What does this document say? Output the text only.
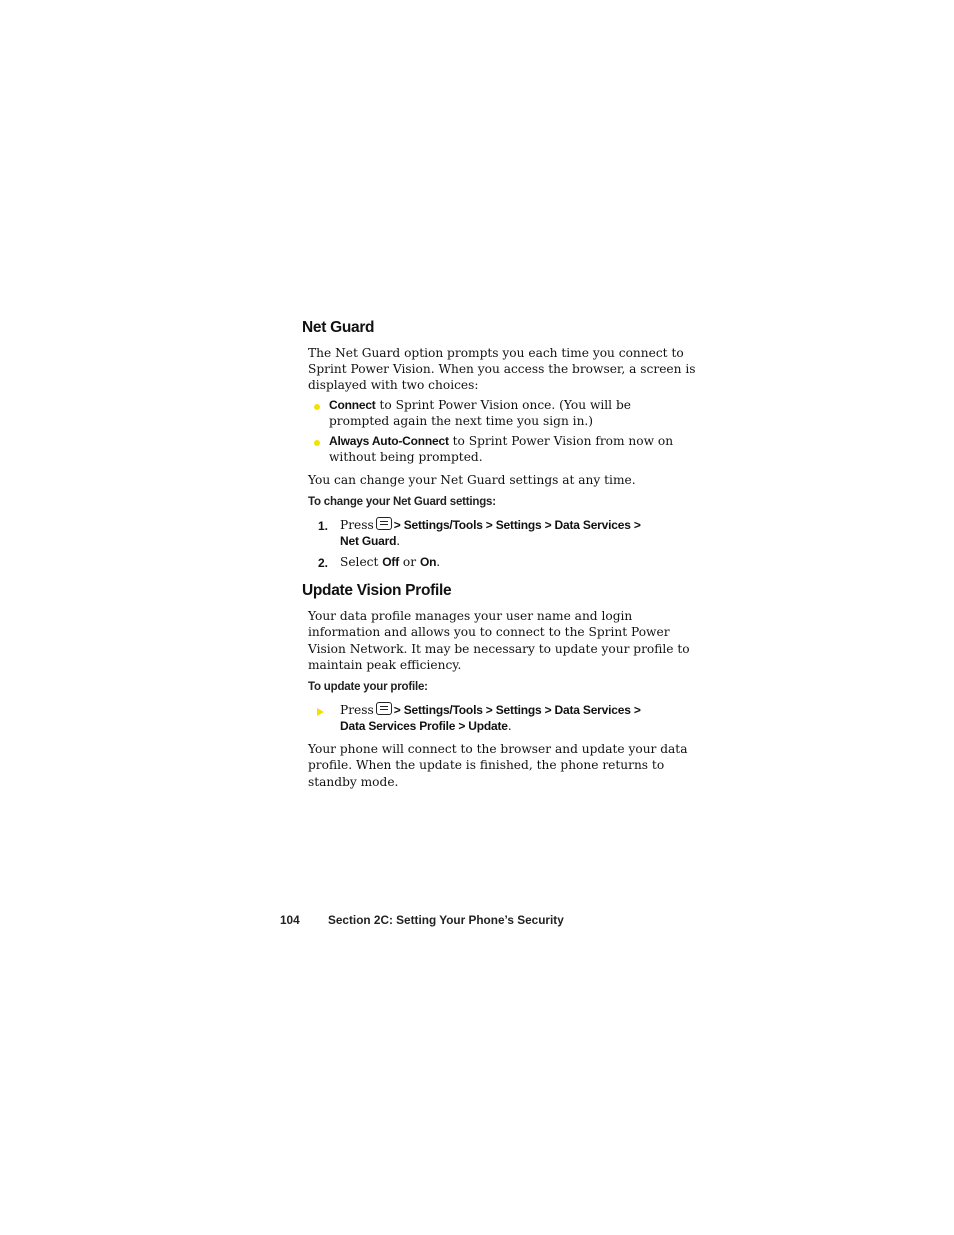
Net Guard
The Net Guard option prompts you each time you connect to
Sprint Power Vision. When you access the browser, a screen is
displayed with two choices:
Connect to Sprint Power Vision once. (You will be
prompted again the next time you sign in.)
Always Auto-Connect to Sprint Power Vision from now on
without being prompted.
You can change your Net Guard settings at any time.
To change your Net Guard settings:
1. Press > Settings/Tools > Settings > Data Services >
Net Guard.
2. Select Off or On.
Update Vision Profile
Your data profile manages your user name and login
information and allows you to connect to the Sprint Power
Vision Network. It may be necessary to update your profile to
maintain peak efficiency.
To update your profile:
Press > Settings/Tools > Settings > Data Services >
Data Services Profile > Update.
Your phone will connect to the browser and update your data
profile. When the update is finished, the phone returns to
standby mode.
104 Section 2C: Setting Your Phone’s Security
